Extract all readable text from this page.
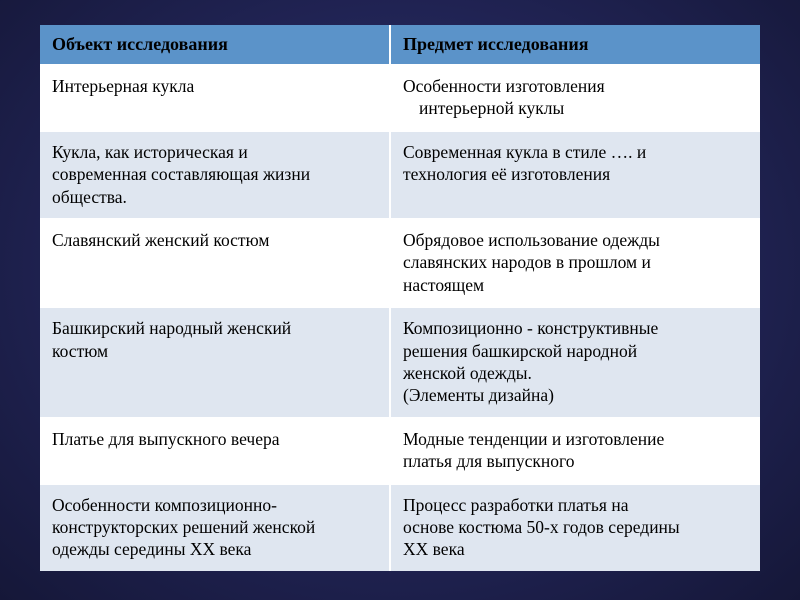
Объект исследования	Предмет исследования

Интерьерная кукла	Особенности изготовления
интерьерной куклы

Кукла, как историческая и
современная составляющая жизни
общества.	Современная кукла в стиле …. и
технология её изготовления

Славянский женский костюм	Обрядовое использование одежды
славянских народов в прошлом и
настоящем

Башкирский народный женский
костюм	Композиционно - конструктивные
решения башкирской народной
женской одежды.
(Элементы дизайна)

Платье для выпускного вечера	Модные тенденции и изготовление
платья для выпускного

Особенности композиционно-
конструкторских решений женской
одежды середины XX века	Процесс разработки платья на
основе костюма 50-х годов середины
XX века
